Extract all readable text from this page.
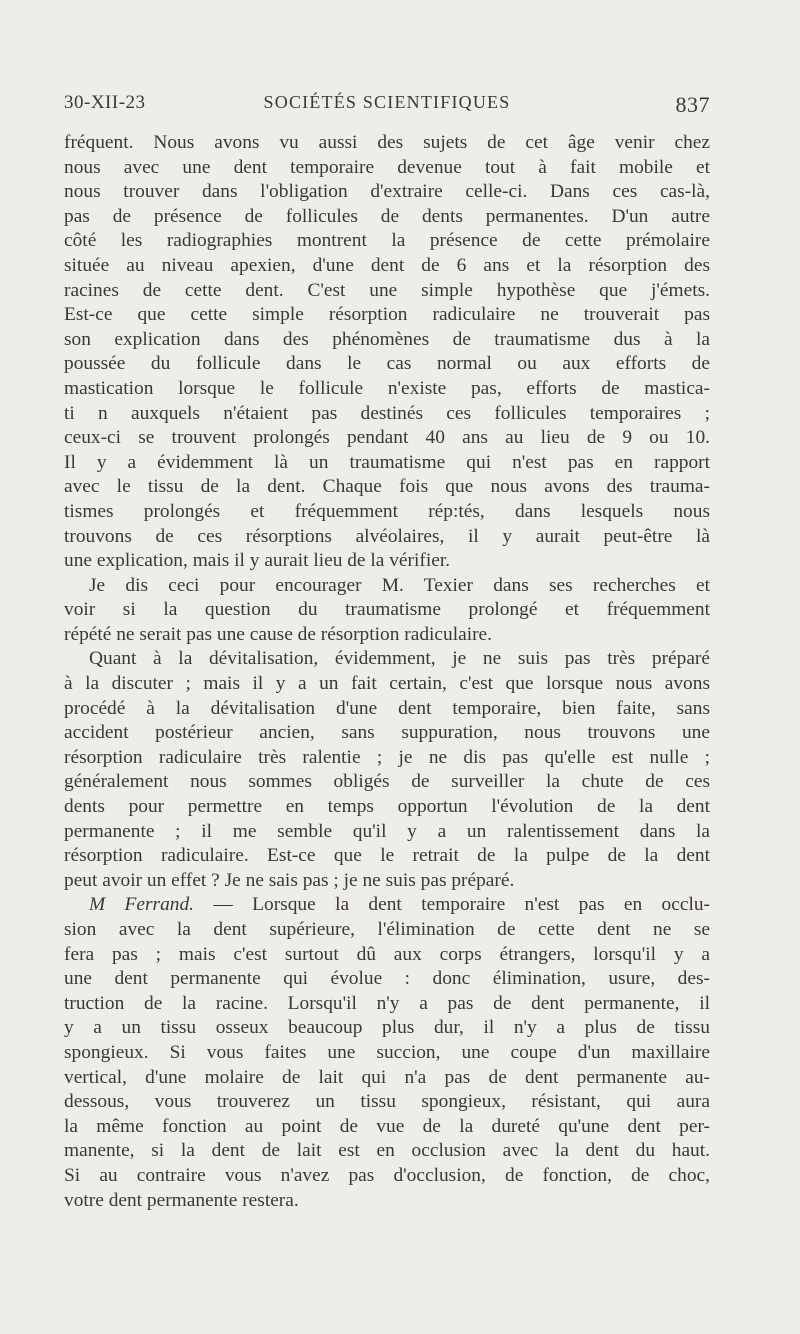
30-XII-23	SOCIÉTÉS SCIENTIFIQUES	837
fréquent. Nous avons vu aussi des sujets de cet âge venir chez
nous avec une dent temporaire devenue tout à fait mobile et
nous trouver dans l'obligation d'extraire celle-ci. Dans ces cas-là,
pas de présence de follicules de dents permanentes. D'un autre
côté les radiographies montrent la présence de cette prémolaire
située au niveau apexien, d'une dent de 6 ans et la résorption des
racines de cette dent. C'est une simple hypothèse que j'émets.
Est-ce que cette simple résorption radiculaire ne trouverait pas
son explication dans des phénomènes de traumatisme dus à la
poussée du follicule dans le cas normal ou aux efforts de
mastication lorsque le follicule n'existe pas, efforts de mastica-
ti n auxquels n'étaient pas destinés ces follicules temporaires ;
ceux-ci se trouvent prolongés pendant 40 ans au lieu de 9 ou 10.
Il y a évidemment là un traumatisme qui n'est pas en rapport
avec le tissu de la dent. Chaque fois que nous avons des trauma-
tismes prolongés et fréquemment rép:tés, dans lesquels nous
trouvons de ces résorptions alvéolaires, il y aurait peut-être là
une explication, mais il y aurait lieu de la vérifier.
Je dis ceci pour encourager M. Texier dans ses recherches et
voir si la question du traumatisme prolongé et fréquemment
répété ne serait pas une cause de résorption radiculaire.
Quant à la dévitalisation, évidemment, je ne suis pas très préparé
à la discuter ; mais il y a un fait certain, c'est que lorsque nous avons
procédé à la dévitalisation d'une dent temporaire, bien faite, sans
accident postérieur ancien, sans suppuration, nous trouvons une
résorption radiculaire très ralentie ; je ne dis pas qu'elle est nulle ;
généralement nous sommes obligés de surveiller la chute de ces
dents pour permettre en temps opportun l'évolution de la dent
permanente ; il me semble qu'il y a un ralentissement dans la
résorption radiculaire. Est-ce que le retrait de la pulpe de la dent
peut avoir un effet ? Je ne sais pas ; je ne suis pas préparé.
M Ferrand. — Lorsque la dent temporaire n'est pas en occlu-
sion avec la dent supérieure, l'élimination de cette dent ne se
fera pas ; mais c'est surtout dû aux corps étrangers, lorsqu'il y a
une dent permanente qui évolue : donc élimination, usure, des-
truction de la racine. Lorsqu'il n'y a pas de dent permanente, il
y a un tissu osseux beaucoup plus dur, il n'y a plus de tissu
spongieux. Si vous faites une succion, une coupe d'un maxillaire
vertical, d'une molaire de lait qui n'a pas de dent permanente au-
dessous, vous trouverez un tissu spongieux, résistant, qui aura
la même fonction au point de vue de la dureté qu'une dent per-
manente, si la dent de lait est en occlusion avec la dent du haut.
Si au contraire vous n'avez pas d'occlusion, de fonction, de choc,
votre dent permanente restera.
